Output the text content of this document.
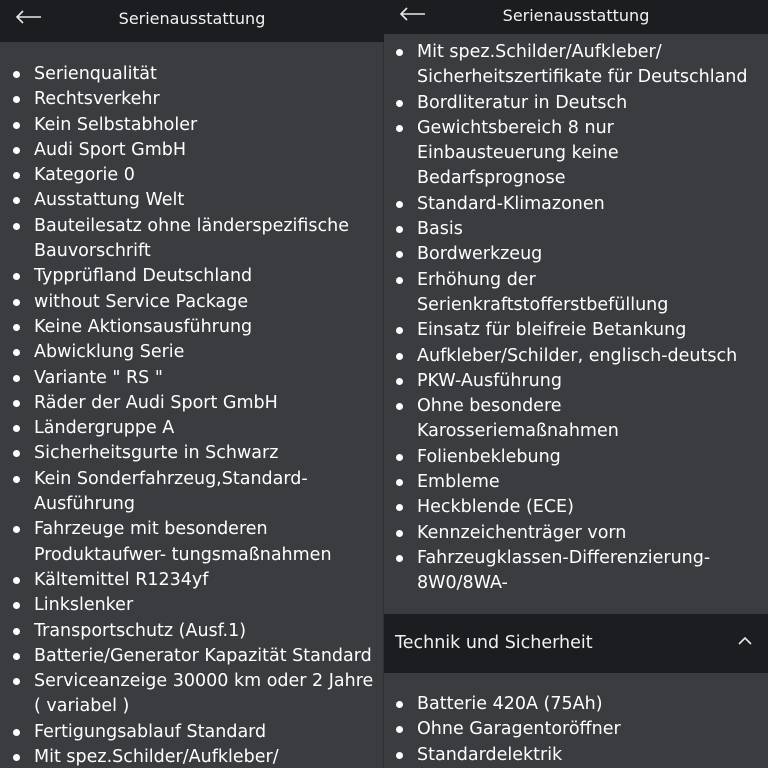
Serienqualität
Rechtsverkehr
Kein Selbstabholer
Audi Sport GmbH
Kategorie 0
Ausstattung Welt
Bauteilesatz ohne länderspezifische Bauvorschrift
Typprüfland Deutschland
without Service Package
Keine Aktionsausführung
Abwicklung Serie
Variante " RS "
Räder der Audi Sport GmbH
Ländergruppe A
Sicherheitsgurte in Schwarz
Kein Sonderfahrzeug,Standard-Ausführung
Fahrzeuge mit besonderen Produktaufwer- tungsmaßnahmen
Kältemittel R1234yf
Linkslenker
Transportschutz (Ausf.1)
Batterie/Generator Kapazität Standard
Serviceanzeige 30000 km oder 2 Jahre ( variabel )
Fertigungsablauf Standard
Mit spez.Schilder/Aufkleber/
Serienausstattung
Mit spez.Schilder/Aufkleber/ Sicherheitszertifikate für Deutschland
Bordliteratur in Deutsch
Gewichtsbereich 8 nur Einbausteuerung keine Bedarfsprognose
Standard-Klimazonen
Basis
Bordwerkzeug
Erhöhung der Serienkraftstofferstbefüllung
Einsatz für bleifreie Betankung
Aufkleber/Schilder, englisch-deutsch
PKW-Ausführung
Ohne besondere Karosseriemaßnahmen
Folienbeklebung
Embleme
Heckblende (ECE)
Kennzeichenträger vorn
Fahrzeugklassen-Differenzierung-8W0/8WA-
Technik und Sicherheit
Batterie 420A (75Ah)
Ohne Garagentoröffner
Standardelektrik
Serienausstattung
